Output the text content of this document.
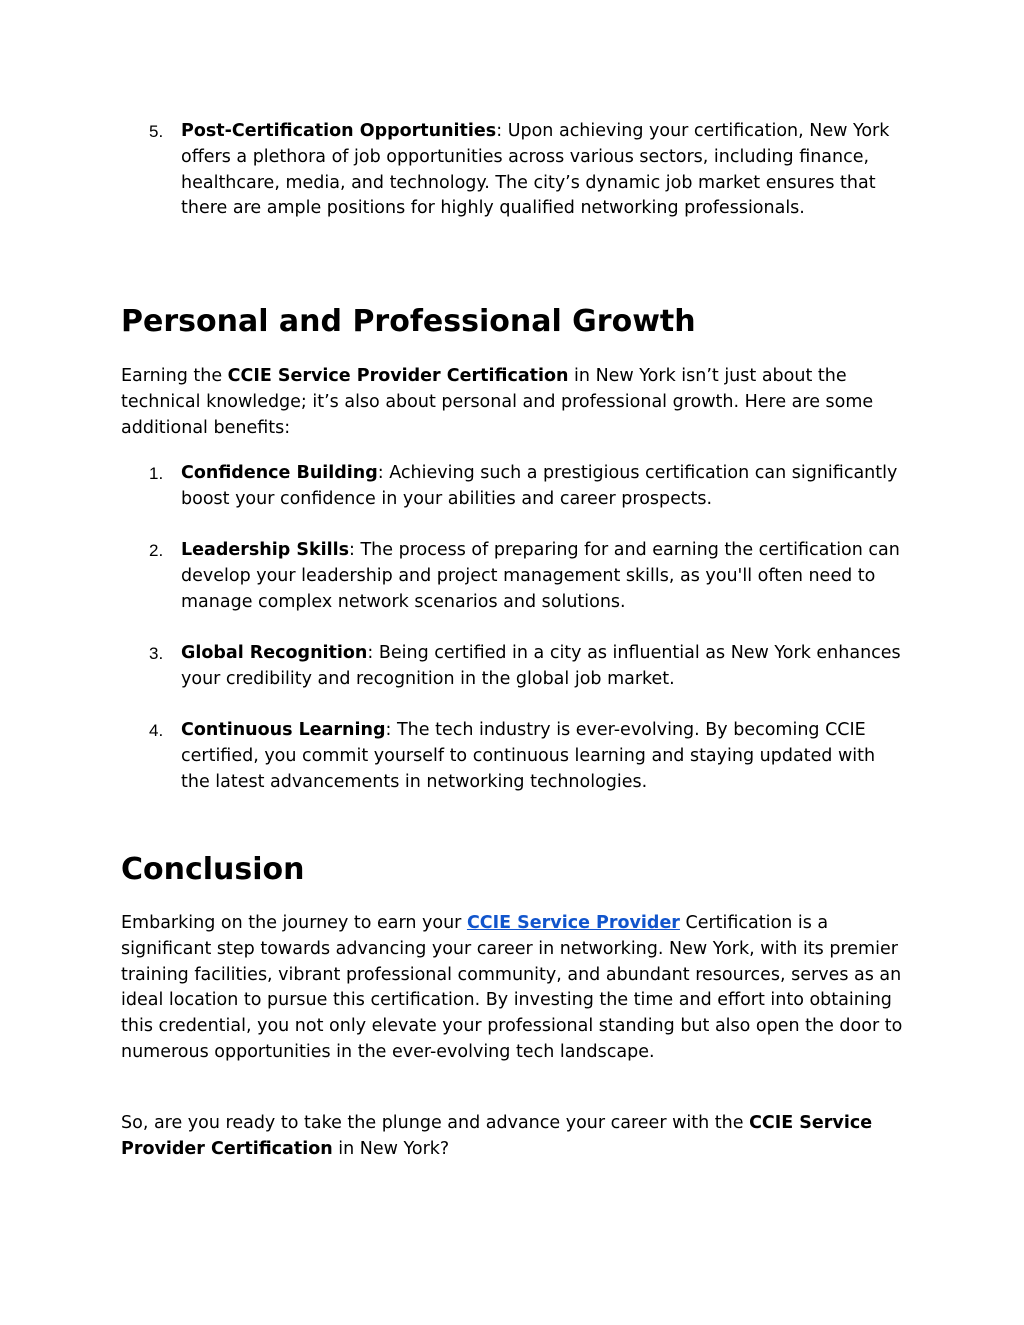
5. Post-Certification Opportunities: Upon achieving your certification, New York offers a plethora of job opportunities across various sectors, including finance, healthcare, media, and technology. The city’s dynamic job market ensures that there are ample positions for highly qualified networking professionals.
Personal and Professional Growth
Earning the CCIE Service Provider Certification in New York isn’t just about the technical knowledge; it’s also about personal and professional growth. Here are some additional benefits:
1. Confidence Building: Achieving such a prestigious certification can significantly boost your confidence in your abilities and career prospects.
2. Leadership Skills: The process of preparing for and earning the certification can develop your leadership and project management skills, as you'll often need to manage complex network scenarios and solutions.
3. Global Recognition: Being certified in a city as influential as New York enhances your credibility and recognition in the global job market.
4. Continuous Learning: The tech industry is ever-evolving. By becoming CCIE certified, you commit yourself to continuous learning and staying updated with the latest advancements in networking technologies.
Conclusion
Embarking on the journey to earn your CCIE Service Provider Certification is a significant step towards advancing your career in networking. New York, with its premier training facilities, vibrant professional community, and abundant resources, serves as an ideal location to pursue this certification. By investing the time and effort into obtaining this credential, you not only elevate your professional standing but also open the door to numerous opportunities in the ever-evolving tech landscape.
So, are you ready to take the plunge and advance your career with the CCIE Service Provider Certification in New York?
